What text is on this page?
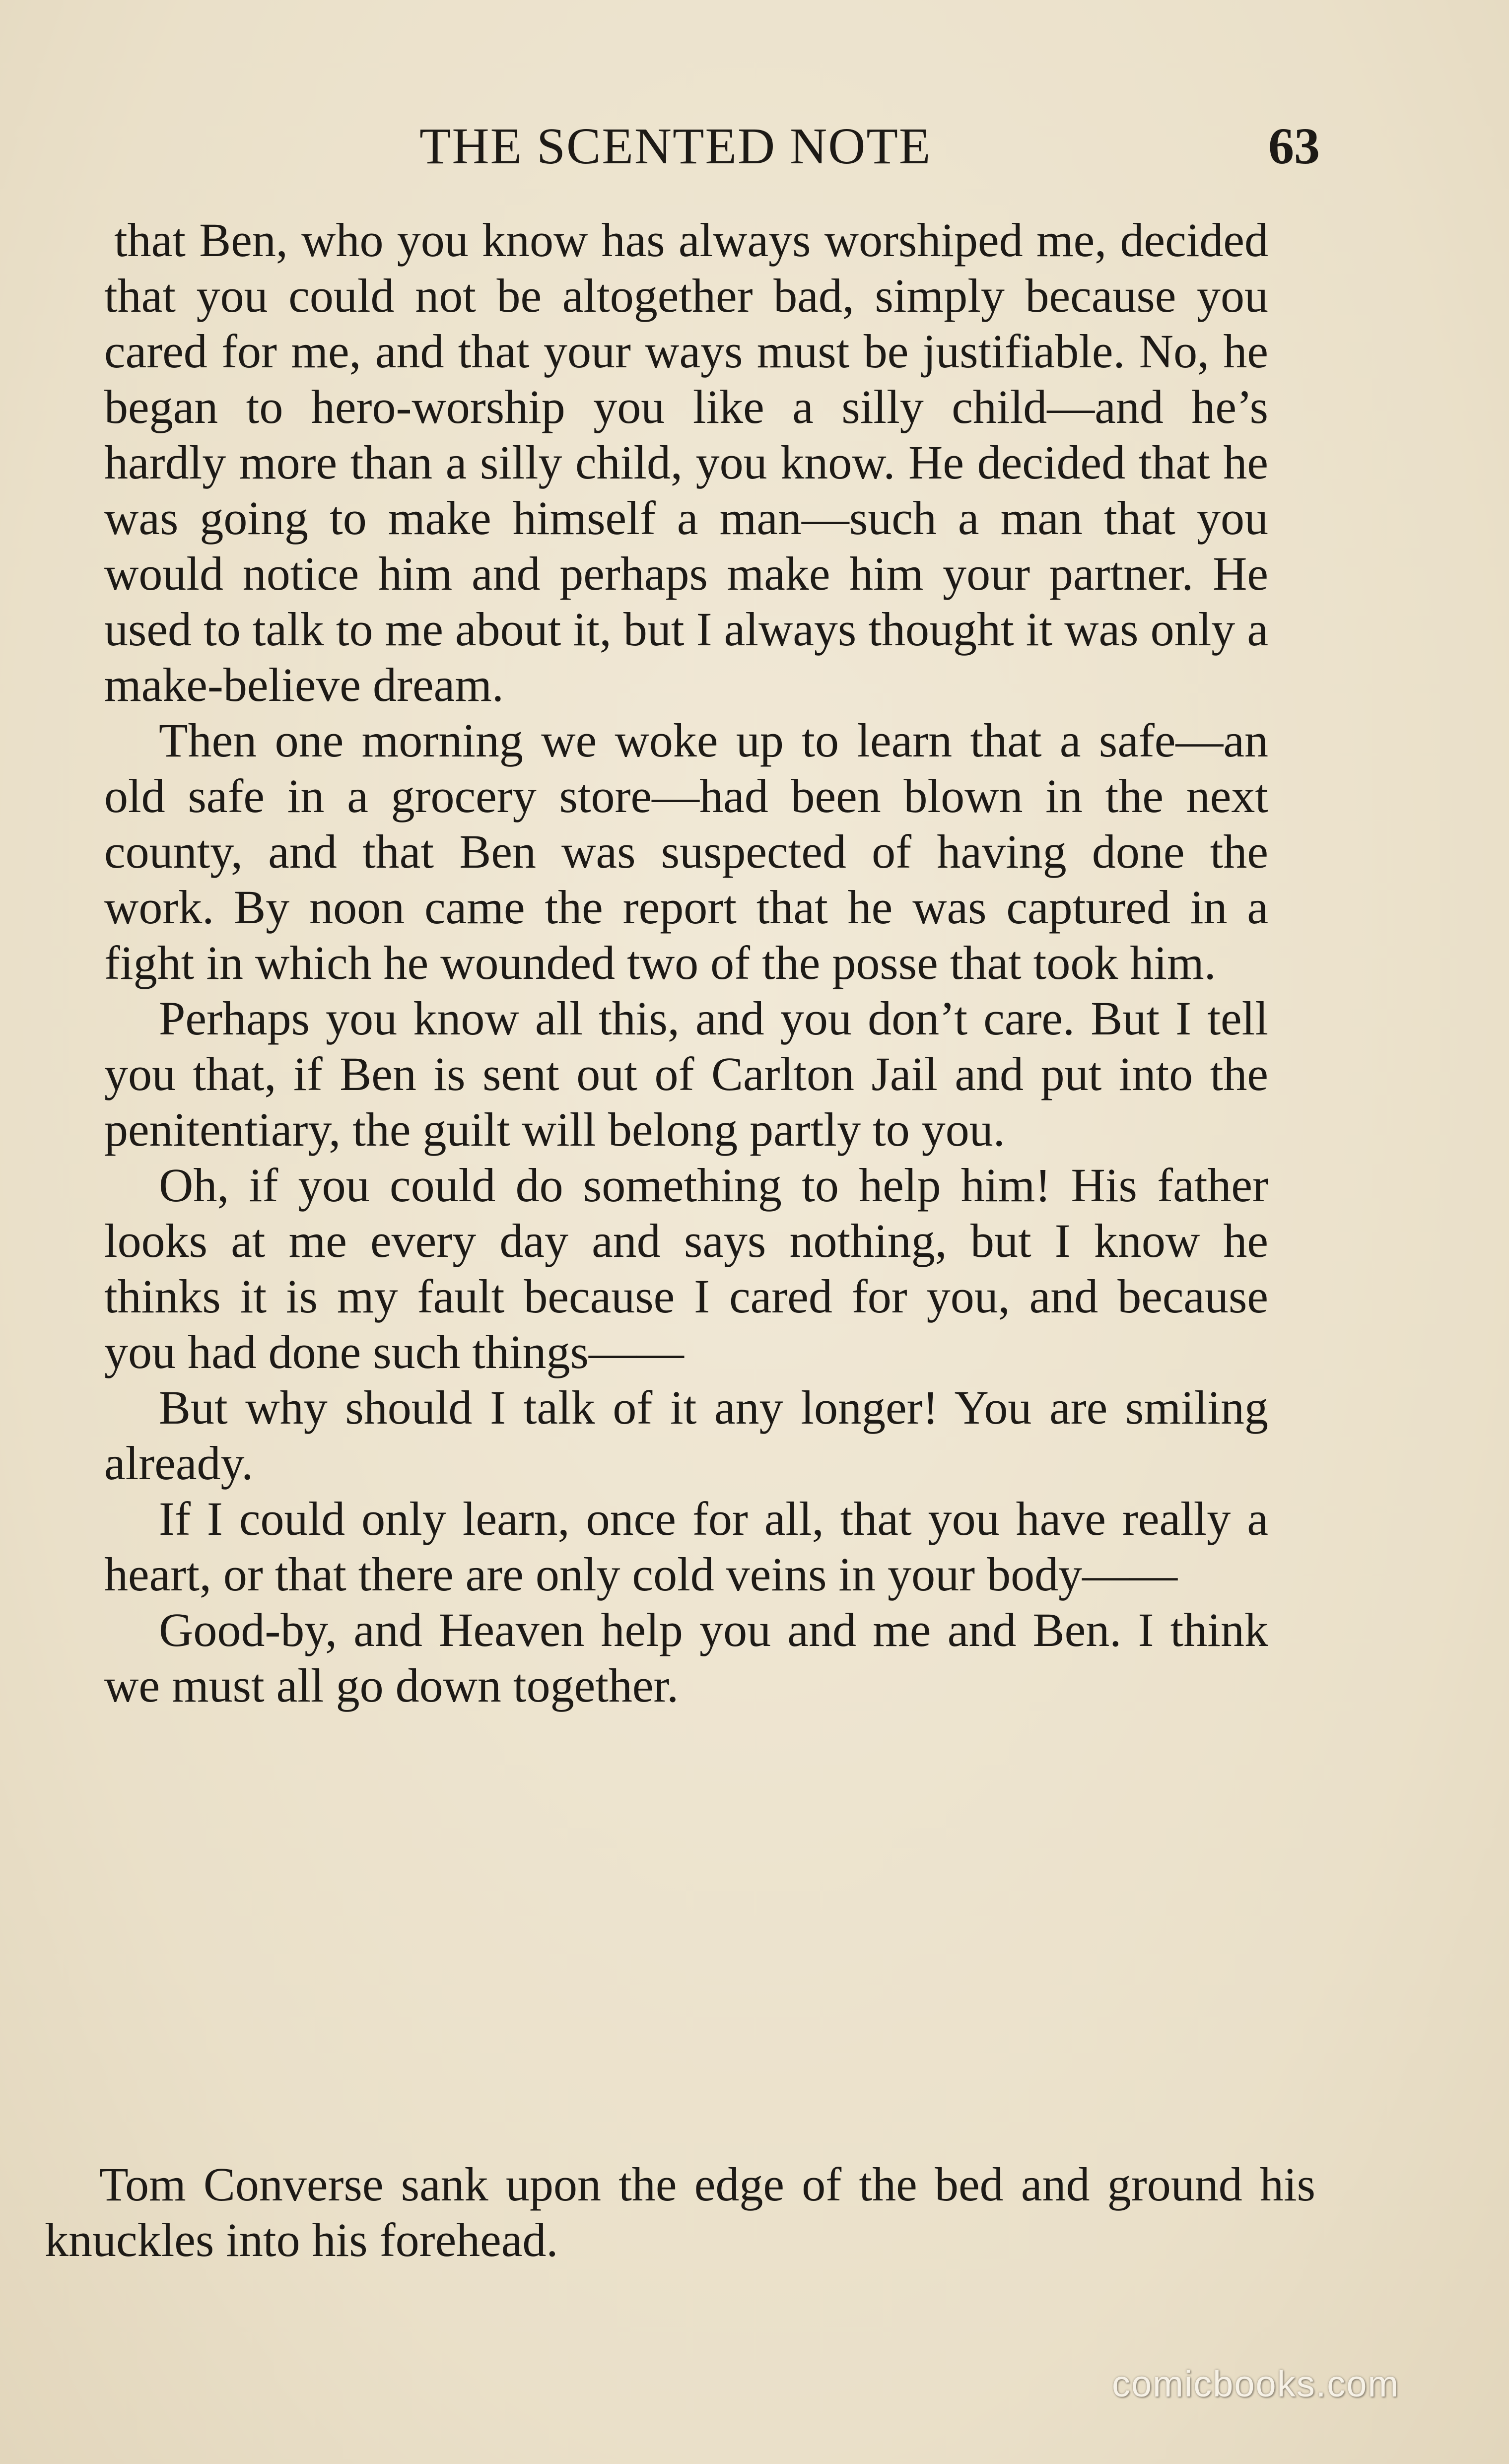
THE SCENTED NOTE	63

that Ben, who you know has always worshiped me, decided that you could not be altogether bad, simply because you cared for me, and that your ways must be justifiable. No, he began to hero-worship you like a silly child—and he’s hardly more than a silly child, you know. He decided that he was going to make himself a man—such a man that you would notice him and perhaps make him your partner. He used to talk to me about it, but I always thought it was only a make-believe dream.

Then one morning we woke up to learn that a safe—an old safe in a grocery store—had been blown in the next county, and that Ben was suspected of having done the work. By noon came the report that he was captured in a fight in which he wounded two of the posse that took him.

Perhaps you know all this, and you don’t care. But I tell you that, if Ben is sent out of Carlton Jail and put into the penitentiary, the guilt will belong partly to you.

Oh, if you could do something to help him! His father looks at me every day and says nothing, but I know he thinks it is my fault because I cared for you, and because you had done such things——

But why should I talk of it any longer! You are smiling already.

If I could only learn, once for all, that you have really a heart, or that there are only cold veins in your body——

Good-by, and Heaven help you and me and Ben. I think we must all go down together.

Tom Converse sank upon the edge of the bed and ground his knuckles into his forehead.

comicbooks.com
